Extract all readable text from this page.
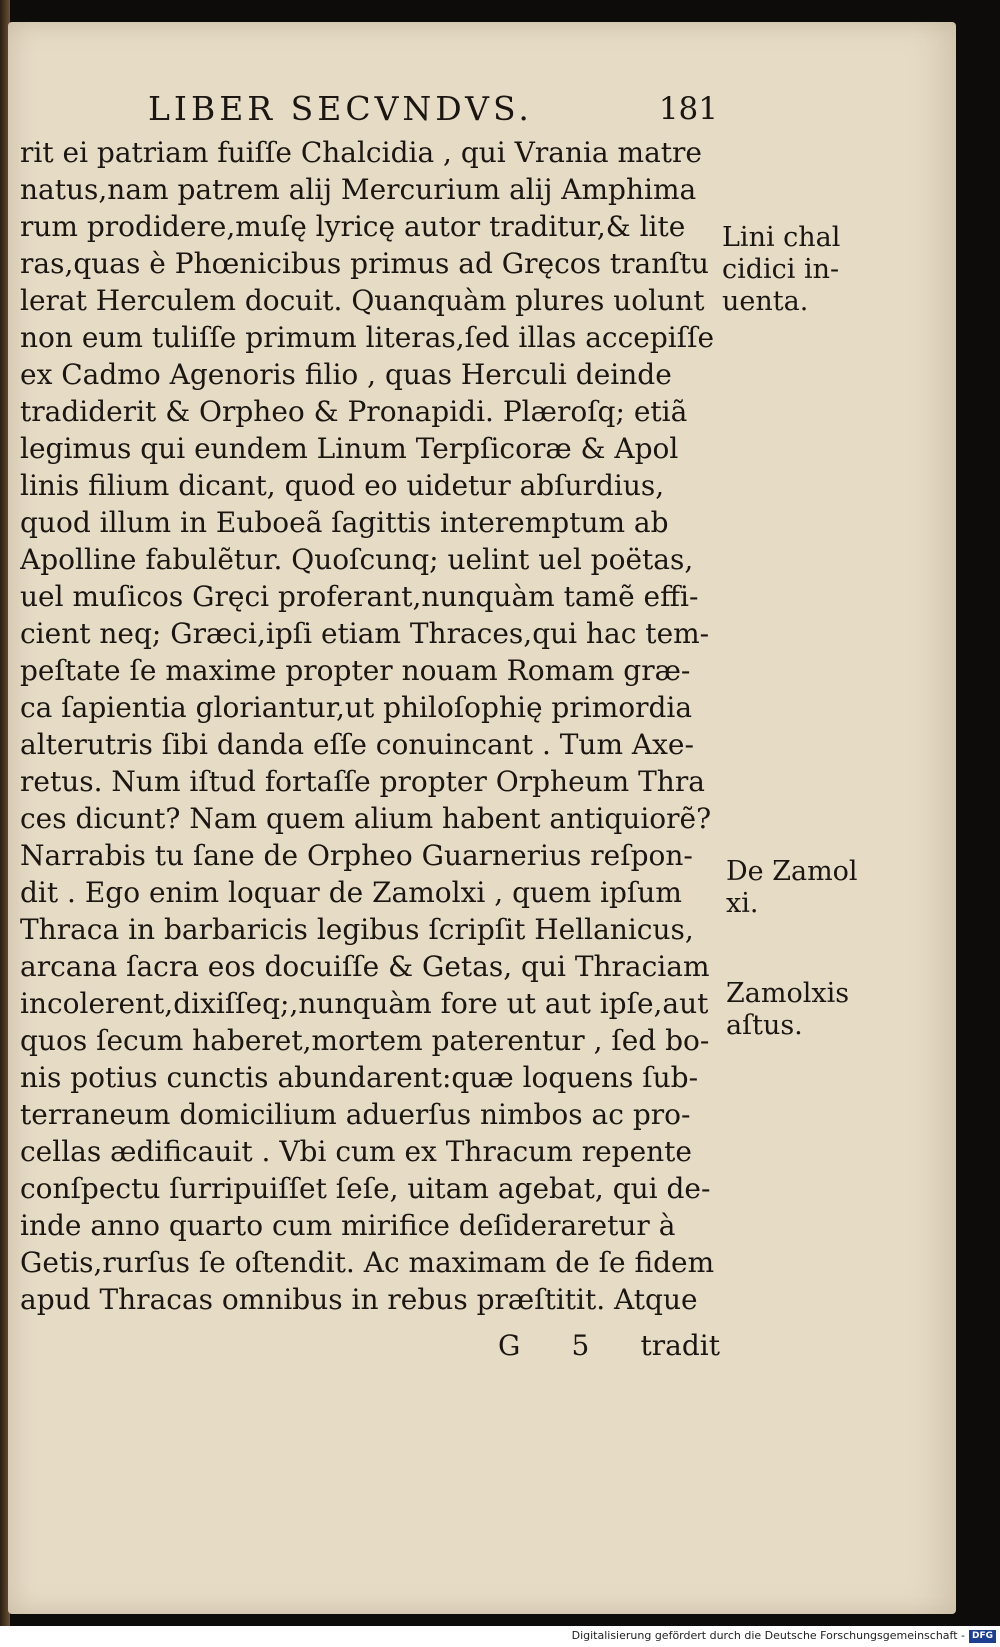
LIBER SECVNDVS.	181
rit ei patriam fuiſſe Chalcidia , qui Vrania matre
natus,nam patrem alij Mercurium alij Amphima
rum prodidere,muſę lyricę autor traditur,& lite
ras,quas è Phœnicibus primus ad Gręcos tranſtu
lerat Herculem docuit. Quanquàm plures uolunt
non eum tuliſſe primum literas,ſed illas accepiſſe
ex Cadmo Agenoris filio , quas Herculi deinde
tradiderit & Orpheo & Pronapidi. Plæroſq; etiã
legimus qui eundem Linum Terpſicoræ & Apol
linis filium dicant, quod eo uidetur abſurdius,
quod illum in Euboeã ſagittis interemptum ab
Apolline fabulẽtur. Quoſcunq; uelint uel poëtas,
uel muſicos Gręci proferant,nunquàm tamẽ effi-
cient neq; Græci,ipſi etiam Thraces,qui hac tem-
peſtate ſe maxime propter nouam Romam græ-
ca ſapientia gloriantur,ut philoſophię primordia
alterutris ſibi danda eſſe conuincant . Tum Axe-
retus. Num iſtud fortaſſe propter Orpheum Thra
ces dicunt? Nam quem alium habent antiquiorẽ?
Narrabis tu ſane de Orpheo Guarnerius reſpon-
dit . Ego enim loquar de Zamolxi , quem ipſum
Thraca in barbaricis legibus ſcripſit Hellanicus,
arcana ſacra eos docuiſſe & Getas, qui Thraciam
incolerent,dixiſſeq;,nunquàm fore ut aut ipſe,aut
quos ſecum haberet,mortem paterentur , ſed bo-
nis potius cunctis abundarent:quæ loquens ſub-
terraneum domicilium aduerſus nimbos ac pro-
cellas ædificauit . Vbi cum ex Thracum repente
conſpectu ſurripuiſſet ſeſe, uitam agebat, qui de-
inde anno quarto cum mirifice deſideraretur à
Getis,rurſus ſe oſtendit. Ac maximam de ſe fidem
apud Thracas omnibus in rebus præſtitit. Atque
G 5 tradit
Lini chal
cidici in-
uenta.
De Zamol
xi.
Zamolxis
aſtus.
Digitalisierung gefördert durch die Deutsche Forschungsgemeinschaft - DFG
